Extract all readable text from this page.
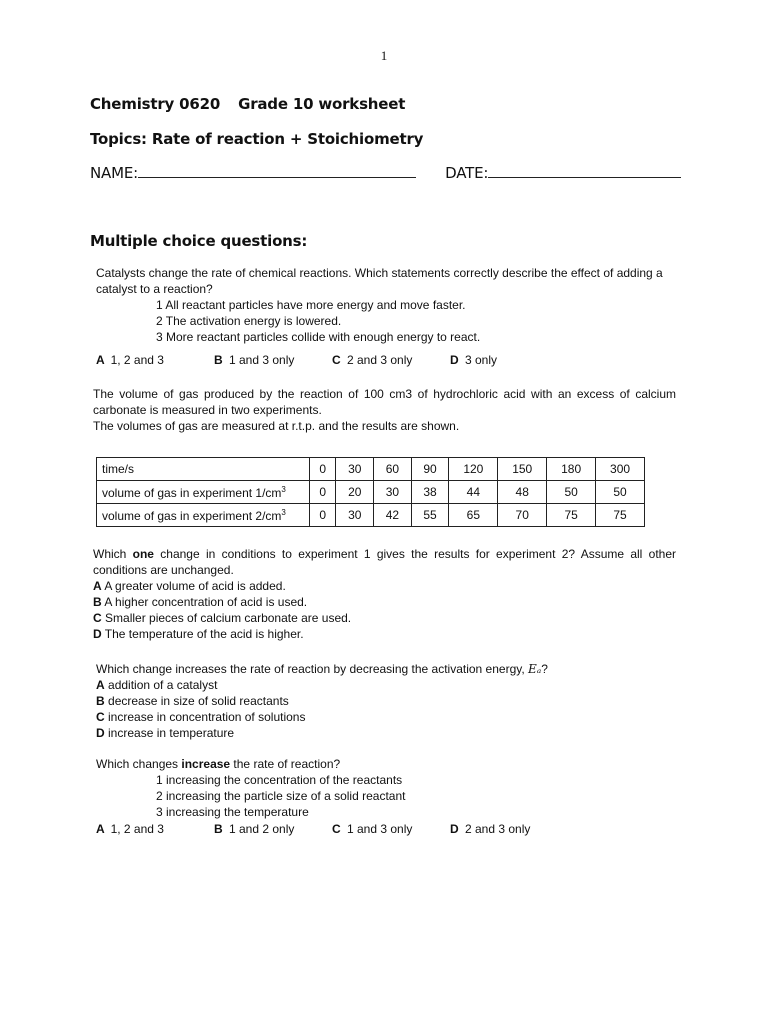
1
Chemistry 0620 Grade 10 worksheet
Topics: Rate of reaction + Stoichiometry
NAME:	DATE:
Multiple choice questions:
Catalysts change the rate of chemical reactions. Which statements correctly describe the effect of adding a catalyst to a reaction?
1 All reactant particles have more energy and move faster.
2 The activation energy is lowered.
3 More reactant particles collide with enough energy to react.
A 1, 2 and 3	B 1 and 3 only	C 2 and 3 only	D 3 only
The volume of gas produced by the reaction of 100 cm3 of hydrochloric acid with an excess of calcium carbonate is measured in two experiments.
The volumes of gas are measured at r.t.p. and the results are shown.
time/s	0	30	60	90	120	150	180	300
volume of gas in experiment $1/cm^3$	0	20	30	38	44	48	50	50
volume of gas in experiment $2/cm^3$	0	30	42	55	65	70	75	75
Which one change in conditions to experiment 1 gives the results for experiment 2? Assume all other conditions are unchanged.
A A greater volume of acid is added.
B A higher concentration of acid is used.
C Smaller pieces of calcium carbonate are used.
D The temperature of the acid is higher.
Which change increases the rate of reaction by decreasing the activation energy, Eₐ?
A addition of a catalyst
B decrease in size of solid reactants
C increase in concentration of solutions
D increase in temperature
Which changes increase the rate of reaction?
1 increasing the concentration of the reactants
2 increasing the particle size of a solid reactant
3 increasing the temperature
A 1, 2 and 3	B 1 and 2 only	C 1 and 3 only	D 2 and 3 only
